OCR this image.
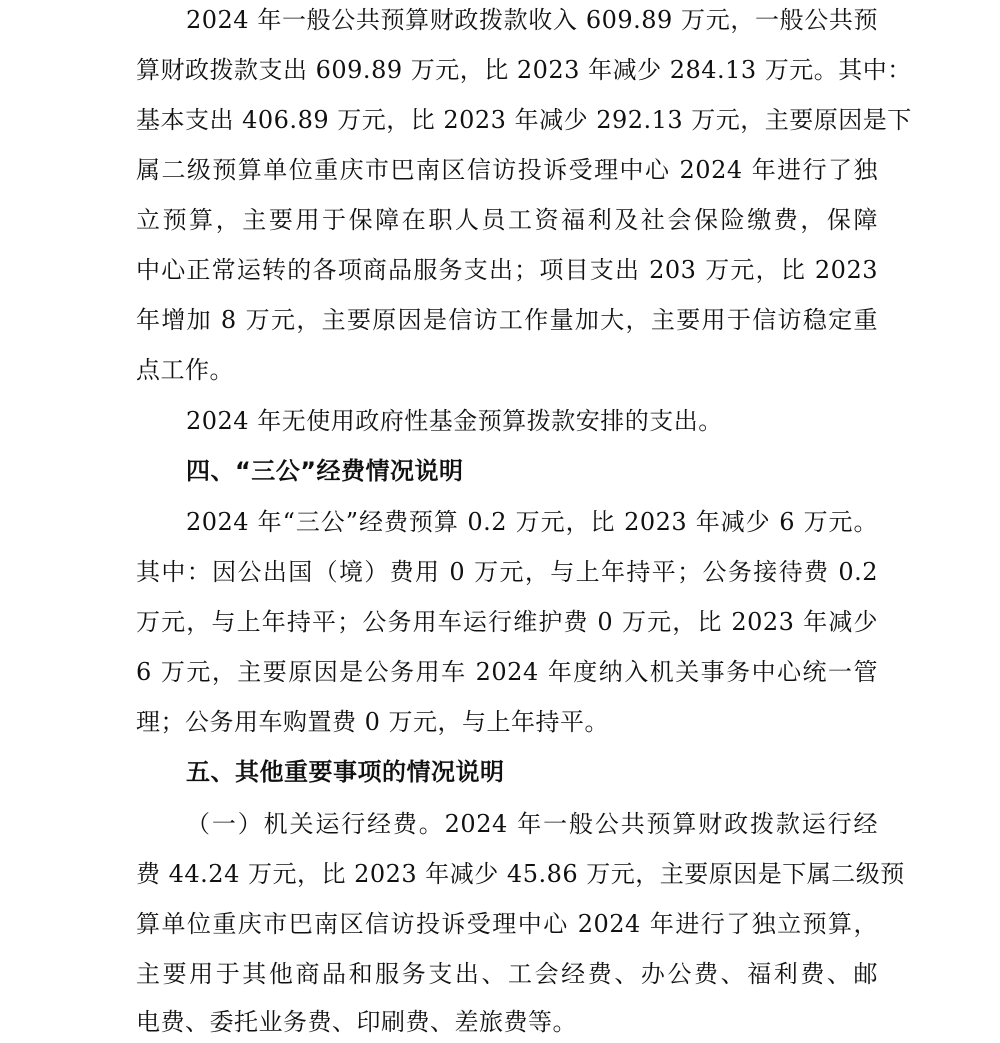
2024 年一般公共预算财政拨款收入 609.89 万元，一般公共预
算财政拨款支出 609.89 万元，比 2023 年减少 284.13 万元。其中：
基本支出 406.89 万元，比 2023 年减少 292.13 万元，主要原因是下
属二级预算单位重庆市巴南区信访投诉受理中心 2024 年进行了独
立预算，主要用于保障在职人员工资福利及社会保险缴费，保障
中心正常运转的各项商品服务支出；项目支出 203 万元，比 2023
年增加 8 万元，主要原因是信访工作量加大，主要用于信访稳定重
点工作。
2024 年无使用政府性基金预算拨款安排的支出。
四、“三公”经费情况说明
2024 年“三公”经费预算 0.2 万元，比 2023 年减少 6 万元。
其中：因公出国（境）费用 0 万元，与上年持平；公务接待费 0.2
万元，与上年持平；公务用车运行维护费 0 万元，比 2023 年减少
6 万元，主要原因是公务用车 2024 年度纳入机关事务中心统一管
理；公务用车购置费 0 万元，与上年持平。
五、其他重要事项的情况说明
（一）机关运行经费。2024 年一般公共预算财政拨款运行经
费 44.24 万元，比 2023 年减少 45.86 万元，主要原因是下属二级预
算单位重庆市巴南区信访投诉受理中心 2024 年进行了独立预算，
主要用于其他商品和服务支出、工会经费、办公费、福利费、邮
电费、委托业务费、印刷费、差旅费等。
